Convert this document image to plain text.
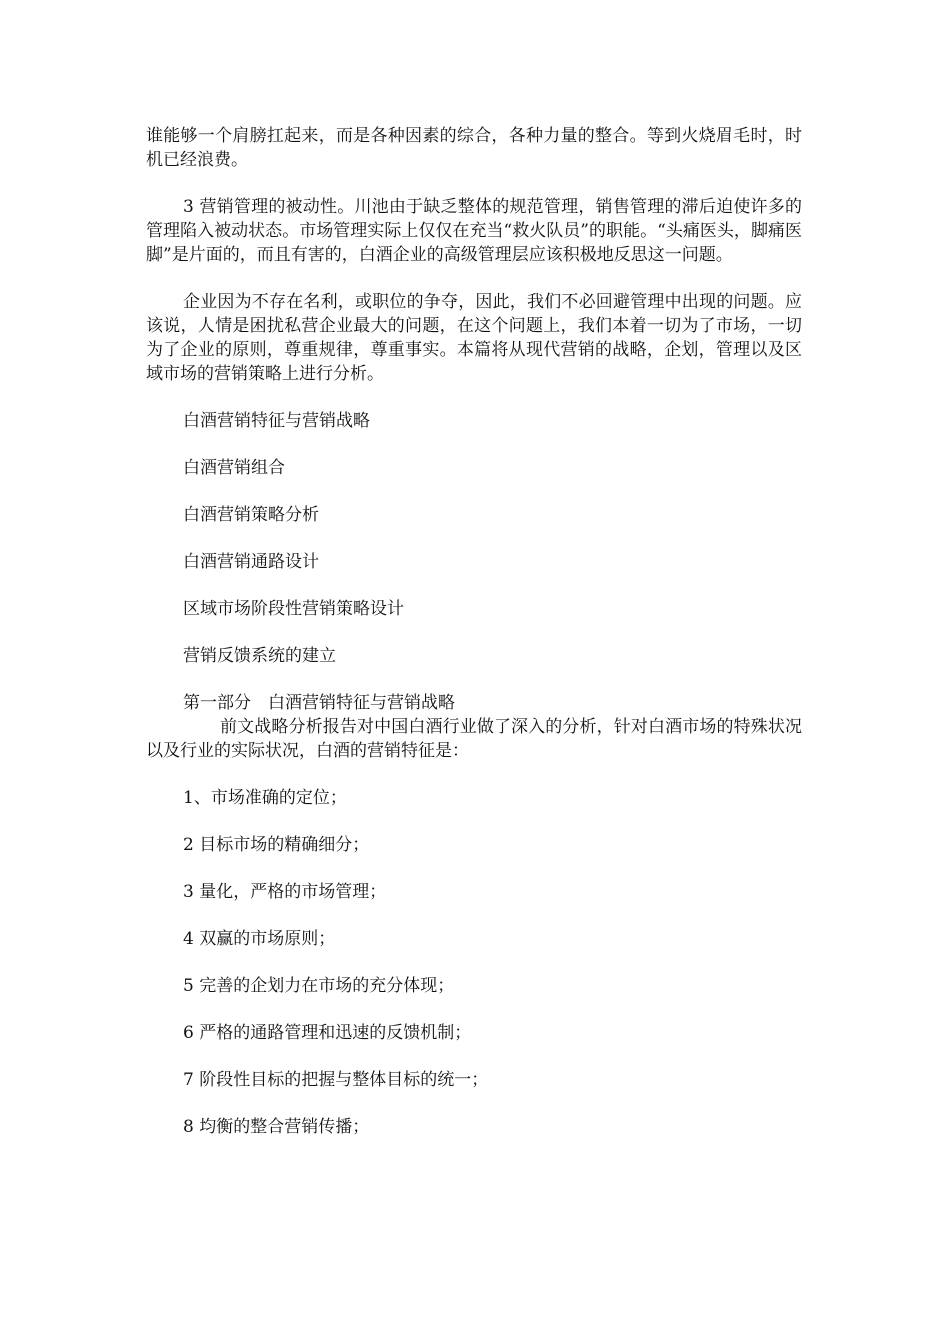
谁能够一个肩膀扛起来，而是各种因素的综合，各种力量的整合。等到火烧眉毛时，时机已经浪费。

3 营销管理的被动性。川池由于缺乏整体的规范管理，销售管理的滞后迫使许多的管理陷入被动状态。市场管理实际上仅仅在充当“救火队员”的职能。“头痛医头，脚痛医脚”是片面的，而且有害的，白酒企业的高级管理层应该积极地反思这一问题。

企业因为不存在名利，或职位的争夺，因此，我们不必回避管理中出现的问题。应该说，人情是困扰私营企业最大的问题，在这个问题上，我们本着一切为了市场，一切为了企业的原则，尊重规律，尊重事实。本篇将从现代营销的战略，企划，管理以及区域市场的营销策略上进行分析。

白酒营销特征与营销战略
白酒营销组合
白酒营销策略分析
白酒营销通路设计
区域市场阶段性营销策略设计
营销反馈系统的建立
第一部分　白酒营销特征与营销战略

前文战略分析报告对中国白酒行业做了深入的分析，针对白酒市场的特殊状况以及行业的实际状况，白酒的营销特征是：

1、市场准确的定位；
2 目标市场的精确细分；
3 量化，严格的市场管理；
4 双赢的市场原则；
5 完善的企划力在市场的充分体现；
6 严格的通路管理和迅速的反馈机制；
7 阶段性目标的把握与整体目标的统一；
8 均衡的整合营销传播；
